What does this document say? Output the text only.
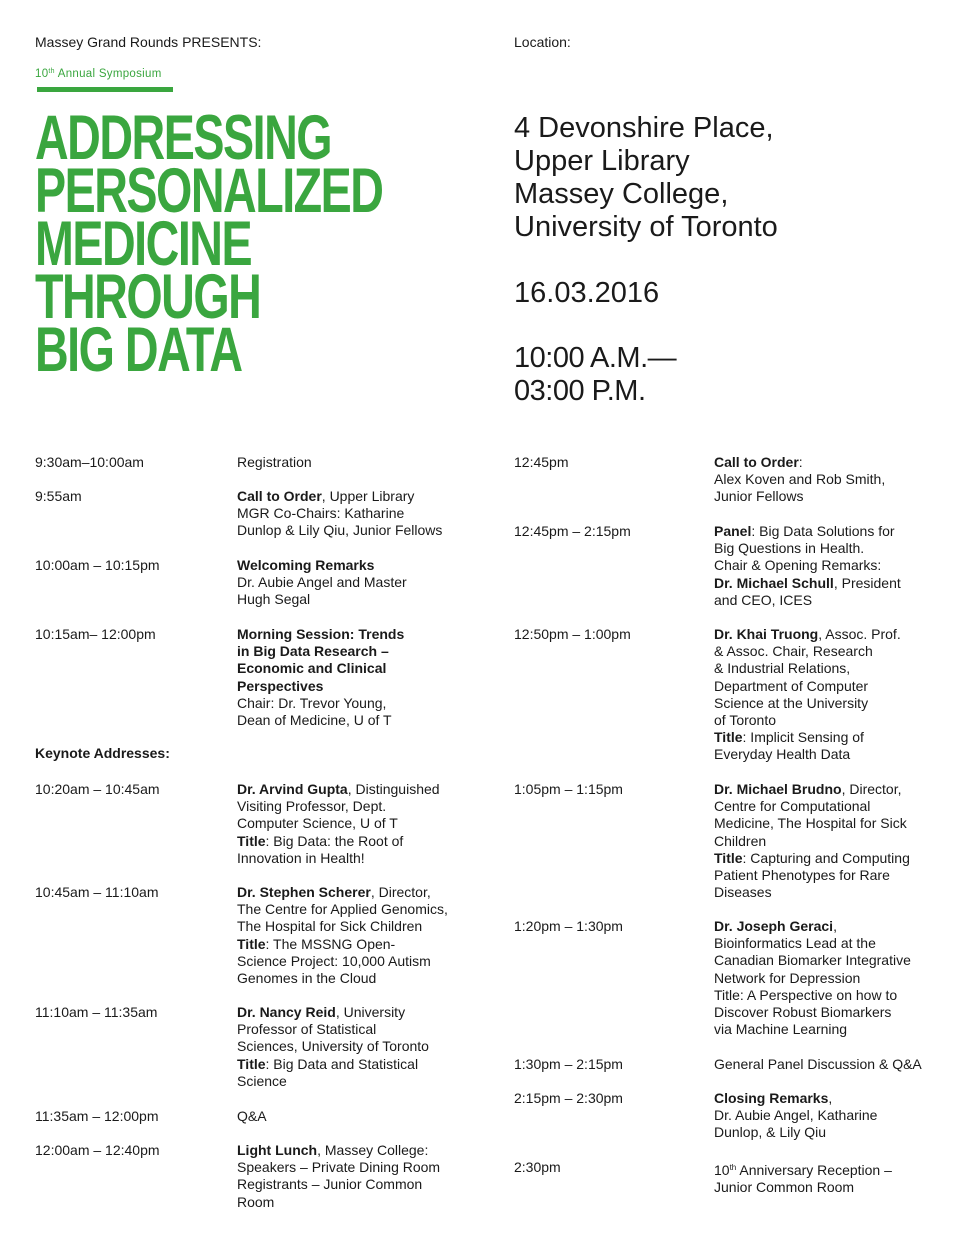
Massey Grand Rounds PRESENTS:	Location:
10th Annual Symposium
ADDRESSING
PERSONALIZED
MEDICINE
THROUGH
BIG DATA
4 Devonshire Place,
Upper Library
Massey College,
University of Toronto
16.03.2016
10:00 A.M.—
03:00 P.M.
Keynote Addresses:
9:30am–10:00am	Registration
9:55am	Call to Order, Upper Library
MGR Co-Chairs: Katharine
Dunlop & Lily Qiu, Junior Fellows
10:00am – 10:15pm	Welcoming Remarks
Dr. Aubie Angel and Master
Hugh Segal
10:15am– 12:00pm	Morning Session: Trends
in Big Data Research –
Economic and Clinical
Perspectives
Chair: Dr. Trevor Young,
Dean of Medicine, U of T
10:20am – 10:45am	Dr. Arvind Gupta, Distinguished
Visiting Professor, Dept.
Computer Science, U of T
Title: Big Data: the Root of
Innovation in Health!
10:45am – 11:10am	Dr. Stephen Scherer, Director,
The Centre for Applied Genomics,
The Hospital for Sick Children
Title: The MSSNG Open-
Science Project: 10,000 Autism
Genomes in the Cloud
11:10am – 11:35am	Dr. Nancy Reid, University
Professor of Statistical
Sciences, University of Toronto
Title: Big Data and Statistical
Science
11:35am – 12:00pm	Q&A
12:00am – 12:40pm	Light Lunch, Massey College:
Speakers – Private Dining Room
Registrants – Junior Common
Room
12:45pm	Call to Order:
Alex Koven and Rob Smith,
Junior Fellows
12:45pm – 2:15pm	Panel: Big Data Solutions for
Big Questions in Health.
Chair & Opening Remarks:
Dr. Michael Schull, President
and CEO, ICES
12:50pm – 1:00pm	Dr. Khai Truong, Assoc. Prof.
& Assoc. Chair, Research
& Industrial Relations,
Department of Computer
Science at the University
of Toronto
Title: Implicit Sensing of
Everyday Health Data
1:05pm – 1:15pm	Dr. Michael Brudno, Director,
Centre for Computational
Medicine, The Hospital for Sick
Children
Title: Capturing and Computing
Patient Phenotypes for Rare
Diseases
1:20pm – 1:30pm	Dr. Joseph Geraci,
Bioinformatics Lead at the
Canadian Biomarker Integrative
Network for Depression
Title: A Perspective on how to
Discover Robust Biomarkers
via Machine Learning
1:30pm – 2:15pm	General Panel Discussion & Q&A
2:15pm – 2:30pm	Closing Remarks,
Dr. Aubie Angel, Katharine
Dunlop, & Lily Qiu
2:30pm	10th Anniversary Reception –
Junior Common Room
